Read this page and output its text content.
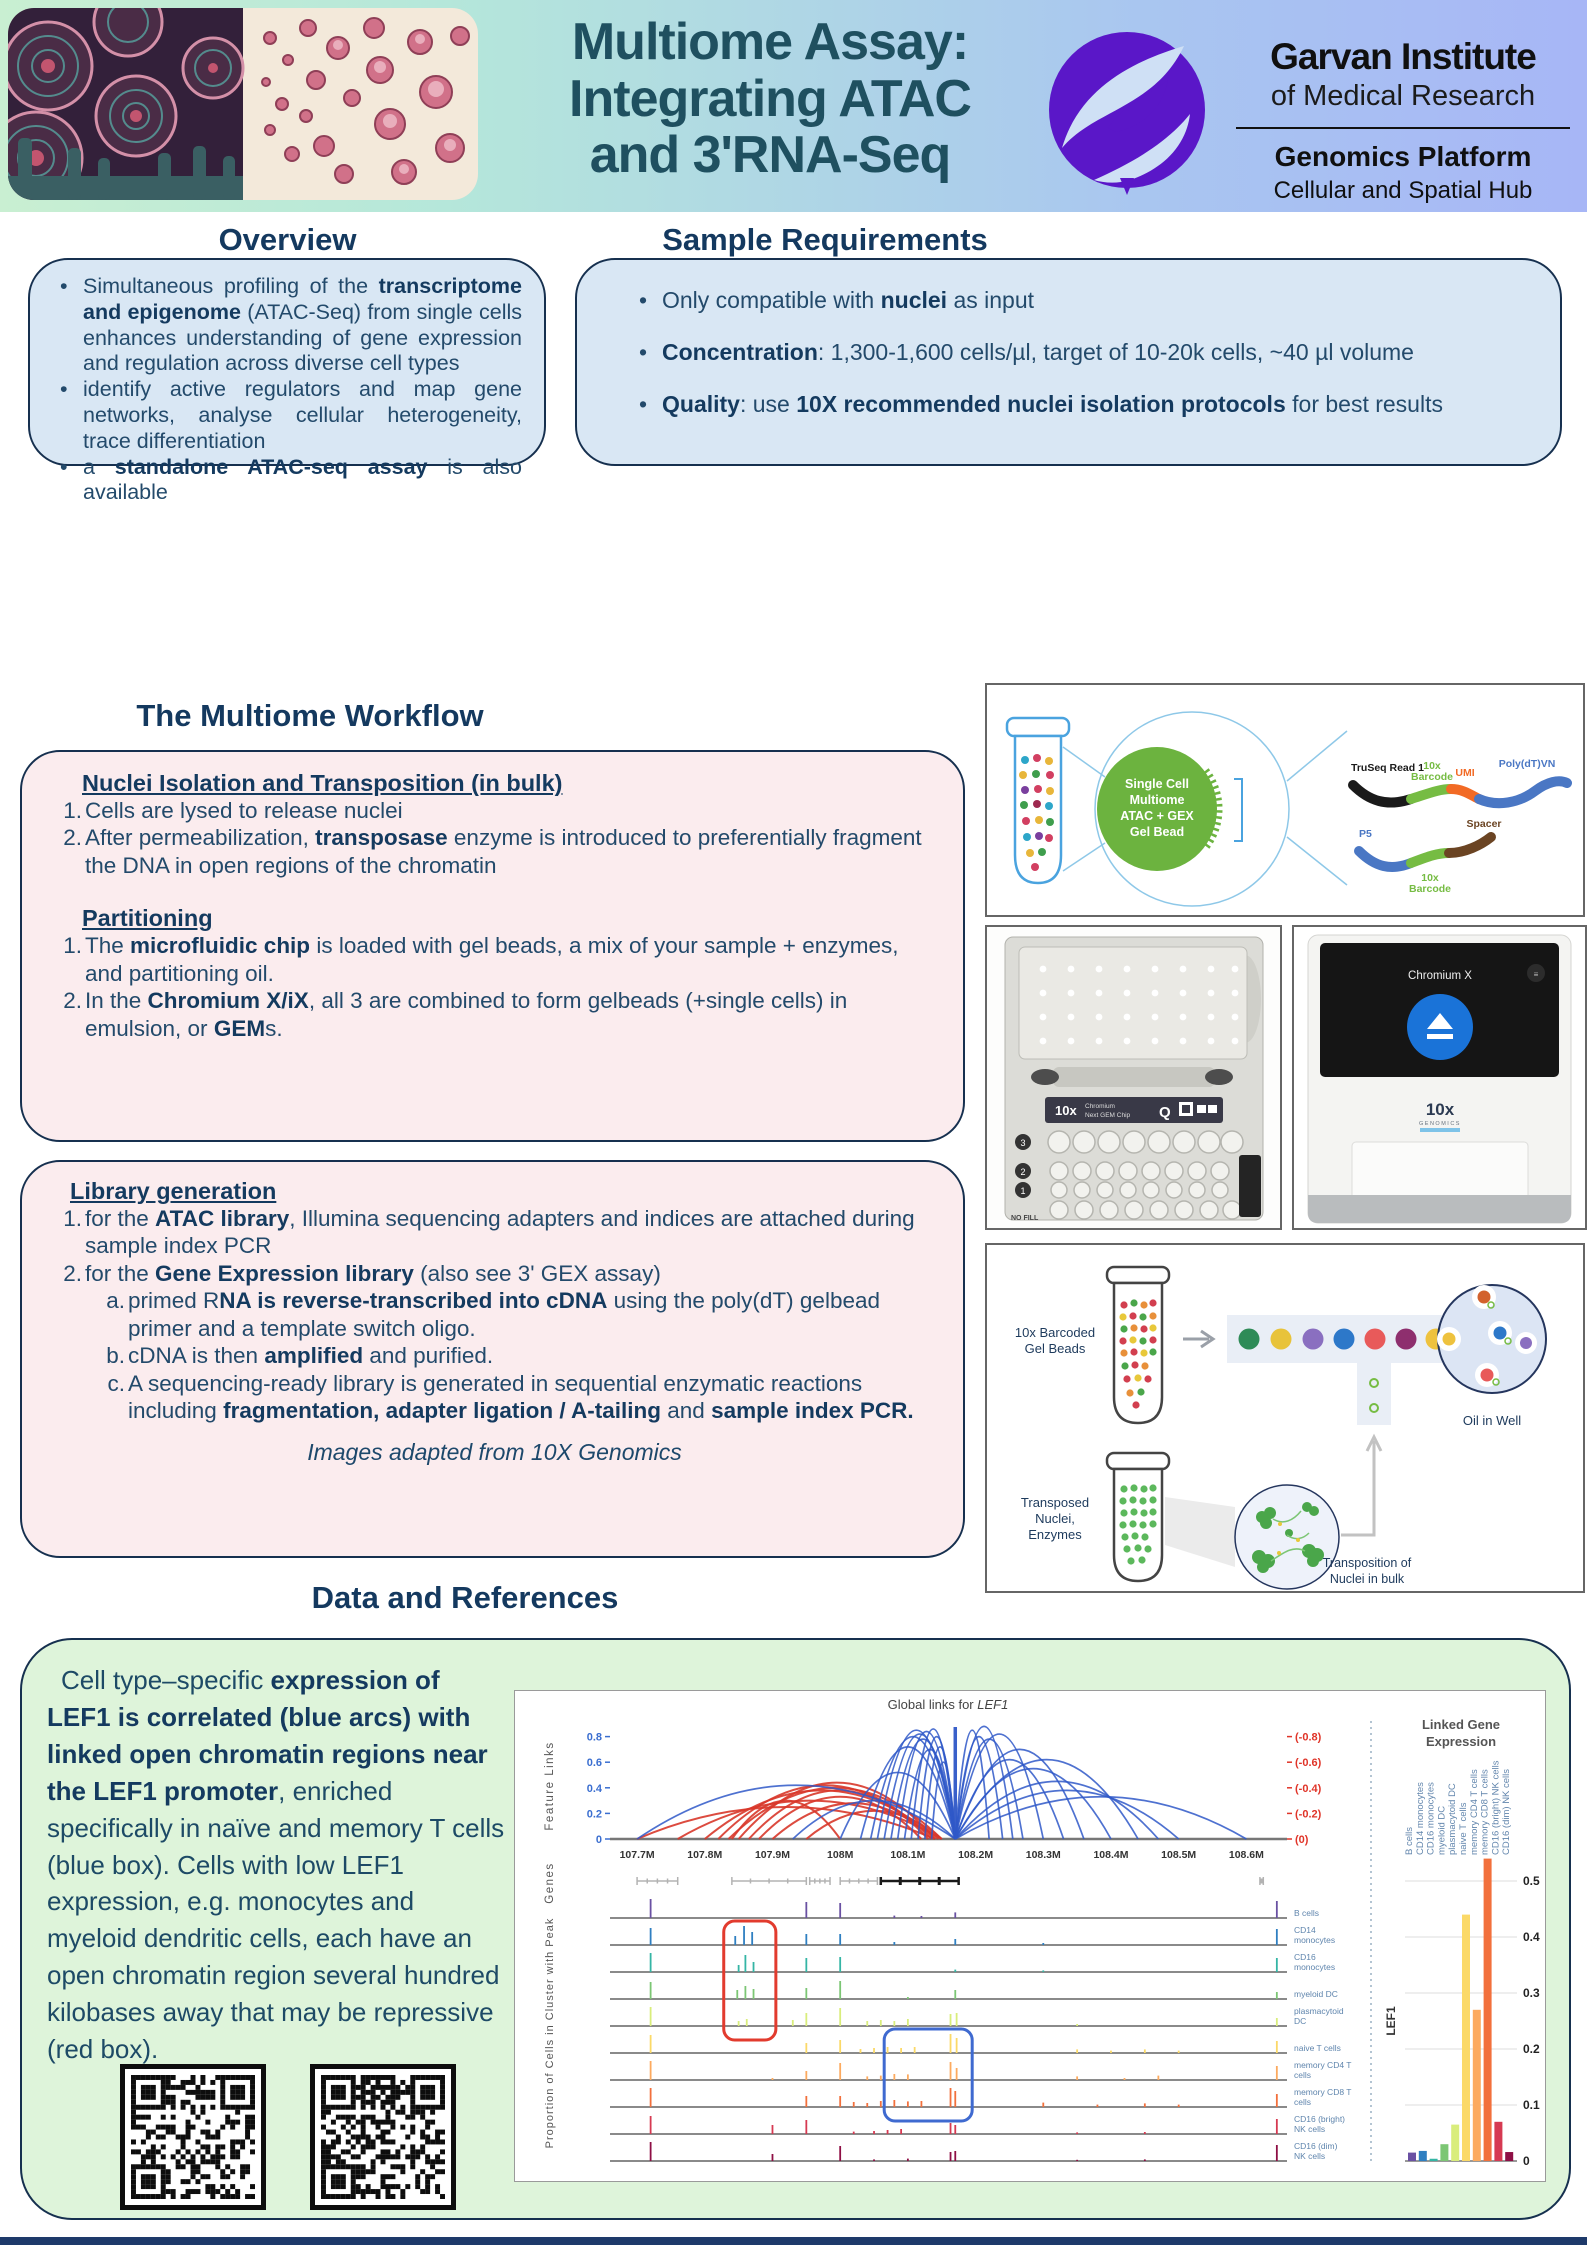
Multiome Assay:
Integrating ATAC
and 3'RNA-Seq
Garvan Institute
of Medical Research
Genomics Platform
Cellular and Spatial Hub
Overview
• Simultaneous profiling of the transcriptome and epigenome (ATAC-Seq) from single cells enhances understanding of gene expression and regulation across diverse cell types
• identify active regulators and map gene networks, analyse cellular heterogeneity, trace differentiation
• a standalone ATAC-seq assay is also available
Sample Requirements
• Only compatible with nuclei as input
• Concentration: 1,300-1,600 cells/µl, target of 10-20k cells, ~40 µl volume
• Quality: use 10X recommended nuclei isolation protocols for best results
The Multiome Workflow
Nuclei Isolation and Transposition (in bulk)
Cells are lysed to release nuclei
After permeabilization, transposase enzyme is introduced to preferentially fragment the DNA in open regions of the chromatin
Partitioning
The microfluidic chip is loaded with gel beads, a mix of your sample + enzymes, and partitioning oil.
In the Chromium X/iX, all 3 are combined to form gelbeads (+single cells) in emulsion, or GEMs.
Library generation
for the ATAC library, Illumina sequencing adapters and indices are attached during sample index PCR
for the Gene Expression library (also see 3' GEX assay)
primed RNA is reverse-transcribed into cDNA using the poly(dT) gelbead primer and a template switch oligo.
cDNA is then amplified and purified.
A sequencing-ready library is generated in sequential enzymatic reactions including fragmentation, adapter ligation / A-tailing and sample index PCR.
Images adapted from 10X Genomics
Single Cell
Multiome
ATAC + GEX
Gel Bead
TruSeq Read 1 10x
Barcode UMI
Poly(dT)VN
P5
10x
Barcode
Spacer
10x Chromium
Next GEM Chip Q
3
2
1
NO FILL
Chromium X	≡
10x
GENOMICS
Oil in Well
10x Barcoded
Gel Beads
Transposed
Nuclei,
Enzymes
Transposition of
Nuclei in bulk
Data and References
Cell type–specific expression of LEF1 is correlated (blue arcs) with linked open chromatin regions near the LEF1 promoter, enriched specifically in naïve and memory T cells (blue box). Cells with low LEF1 expression, e.g. monocytes and myeloid dendritic cells, each have an open chromatin region several hundred kilobases away that may be repressive (red box).
Global links for LEF1
Feature Links
0.8
0.6
0.4
0.2
0
(-0.8)
(-0.6)
(-0.4)
(-0.2)
(0)
107.7M	107.8M	107.9M	108M	108.1M	108.2M	108.3M	108.4M	108.5M	108.6M
Genes
Proportion of Cells in Cluster with Peak
B cells
CD14
monocytes
CD16
monocytes
myeloid DC
plasmacytoid
DC
naive T cells
memory CD4 T
cells
memory CD8 T
cells
CD16 (bright)
NK cells
CD16 (dim)
NK cells
Linked Gene
Expression
LEF1
0
0.1
0.2
0.3
0.4
0.5
B cells CD14 monocytes CD16 monocytes myeloid DC plasmacytoid DC naive T cells memory CD4 T cells memory CD8 T cells CD16 (bright) NK cells CD16 (dim) NK cells
